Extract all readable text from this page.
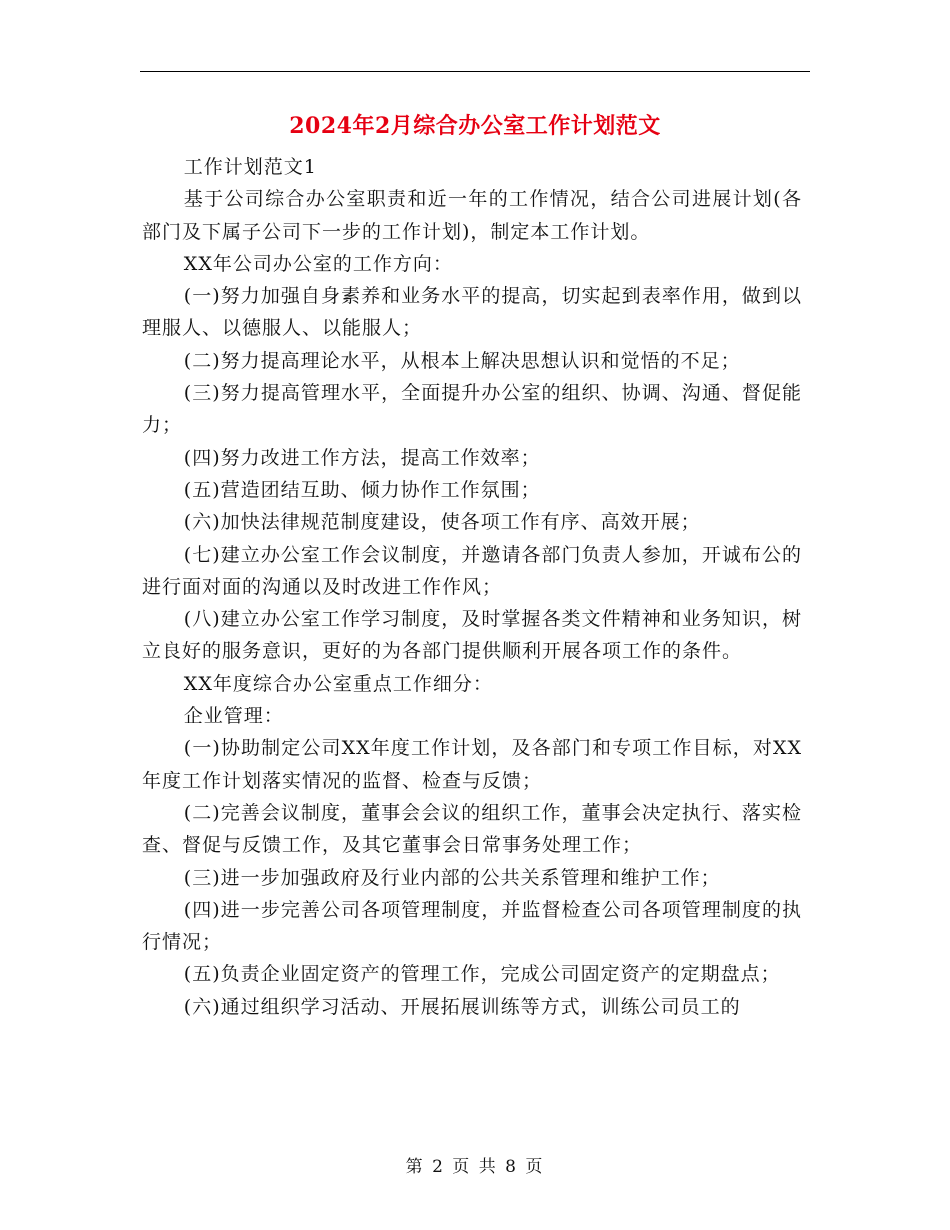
2024年2月综合办公室工作计划范文

工作计划范文1

基于公司综合办公室职责和近一年的工作情况，结合公司进展计划(各部门及下属子公司下一步的工作计划)，制定本工作计划。

XX年公司办公室的工作方向：

(一)努力加强自身素养和业务水平的提高，切实起到表率作用，做到以理服人、以德服人、以能服人；

(二)努力提高理论水平，从根本上解决思想认识和觉悟的不足；

(三)努力提高管理水平，全面提升办公室的组织、协调、沟通、督促能力；

(四)努力改进工作方法，提高工作效率；

(五)营造团结互助、倾力协作工作氛围；

(六)加快法律规范制度建设，使各项工作有序、高效开展；

(七)建立办公室工作会议制度，并邀请各部门负责人参加，开诚布公的进行面对面的沟通以及时改进工作作风；

(八)建立办公室工作学习制度，及时掌握各类文件精神和业务知识，树立良好的服务意识，更好的为各部门提供顺利开展各项工作的条件。

XX年度综合办公室重点工作细分：

企业管理：

(一)协助制定公司XX年度工作计划，及各部门和专项工作目标，对XX年度工作计划落实情况的监督、检查与反馈；

(二)完善会议制度，董事会会议的组织工作，董事会决定执行、落实检查、督促与反馈工作，及其它董事会日常事务处理工作；

(三)进一步加强政府及行业内部的公共关系管理和维护工作；

(四)进一步完善公司各项管理制度，并监督检查公司各项管理制度的执行情况；

(五)负责企业固定资产的管理工作，完成公司固定资产的定期盘点；

(六)通过组织学习活动、开展拓展训练等方式，训练公司员工的

第 2 页 共 8 页
